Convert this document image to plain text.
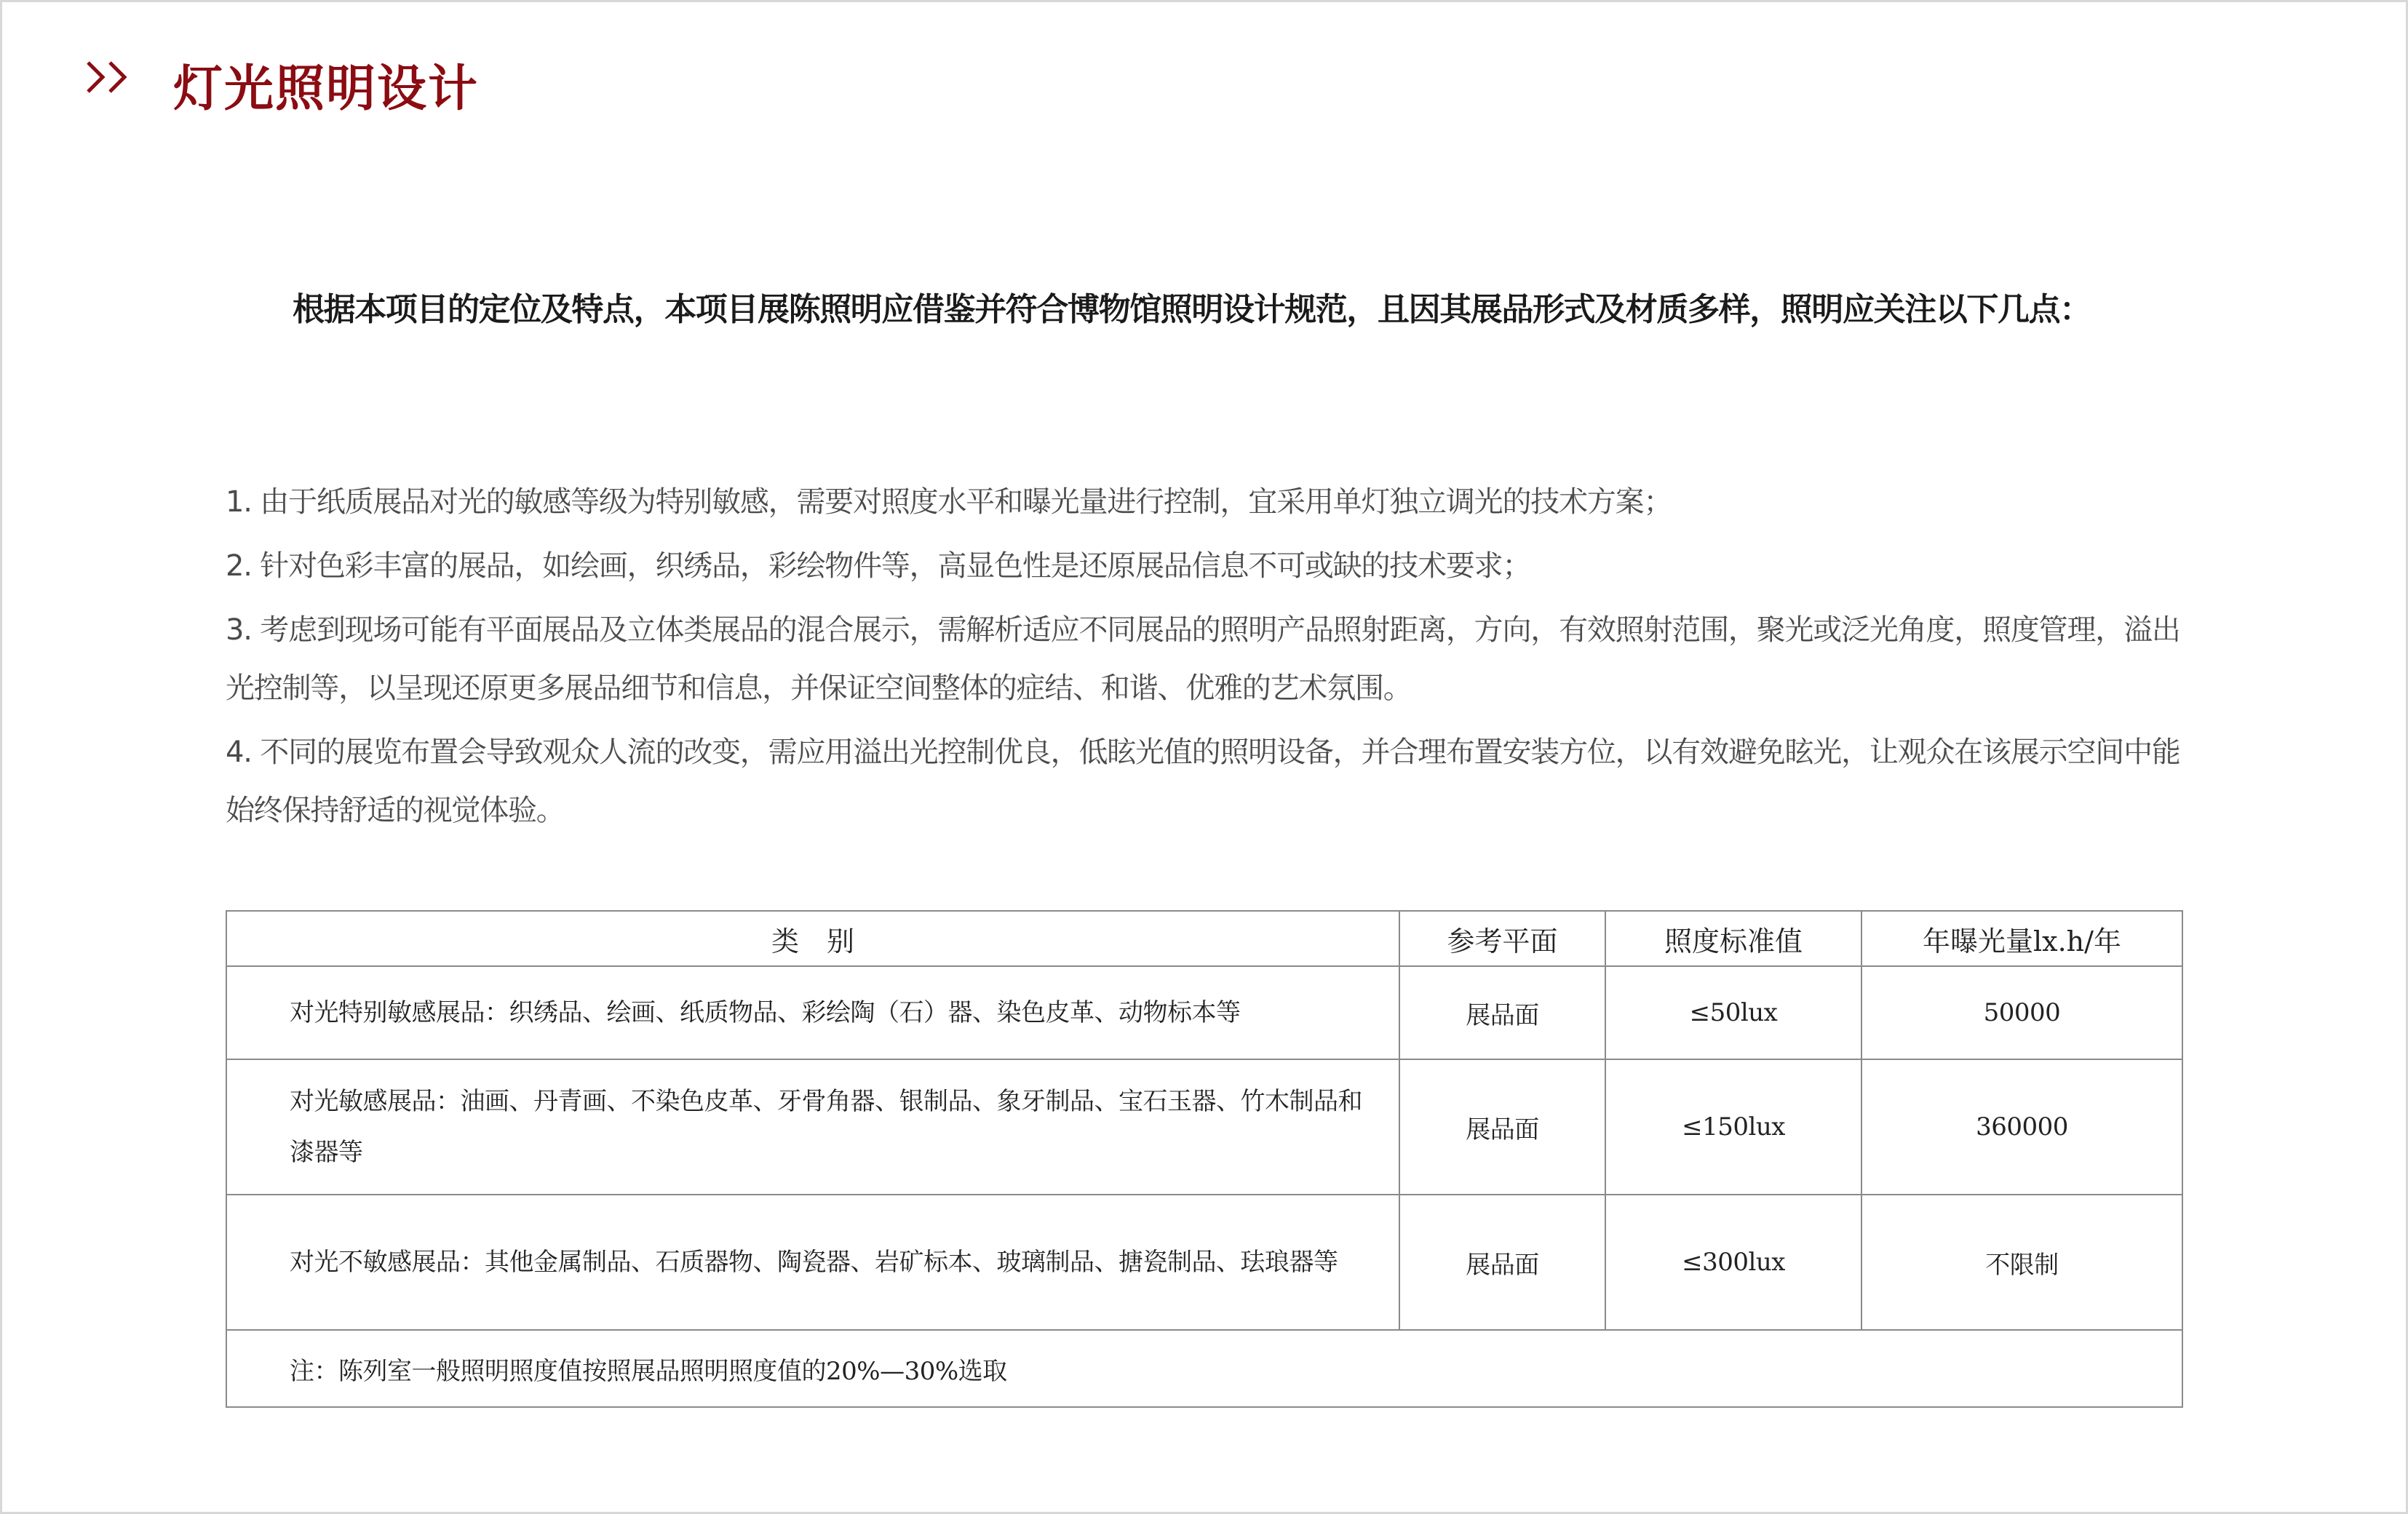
灯光照明设计
根据本项目的定位及特点，本项目展陈照明应借鉴并符合博物馆照明设计规范，且因其展品形式及材质多样，照明应关注以下几点：
1. 由于纸质展品对光的敏感等级为特别敏感，需要对照度水平和曝光量进行控制，宜采用单灯独立调光的技术方案；
2. 针对色彩丰富的展品，如绘画，织绣品，彩绘物件等，高显色性是还原展品信息不可或缺的技术要求；
3. 考虑到现场可能有平面展品及立体类展品的混合展示，需解析适应不同展品的照明产品照射距离，方向，有效照射范围，聚光或泛光角度，照度管理，溢出光控制等，以呈现还原更多展品细节和信息，并保证空间整体的症结、和谐、优雅的艺术氛围。
4. 不同的展览布置会导致观众人流的改变，需应用溢出光控制优良，低眩光值的照明设备，并合理布置安装方位，以有效避免眩光，让观众在该展示空间中能始终保持舒适的视觉体验。
类　别	参考平面	照度标准值	年曝光量lx.h/年
对光特别敏感展品：织绣品、绘画、纸质物品、彩绘陶（石）器、染色皮革、动物标本等	展品面	≤50lux	50000
对光敏感展品：油画、丹青画、不染色皮革、牙骨角器、银制品、象牙制品、宝石玉器、竹木制品和漆器等	展品面	≤150lux	360000
对光不敏感展品：其他金属制品、石质器物、陶瓷器、岩矿标本、玻璃制品、搪瓷制品、珐琅器等	展品面	≤300lux	不限制
注：陈列室一般照明照度值按照展品照明照度值的20%—30%选取			
